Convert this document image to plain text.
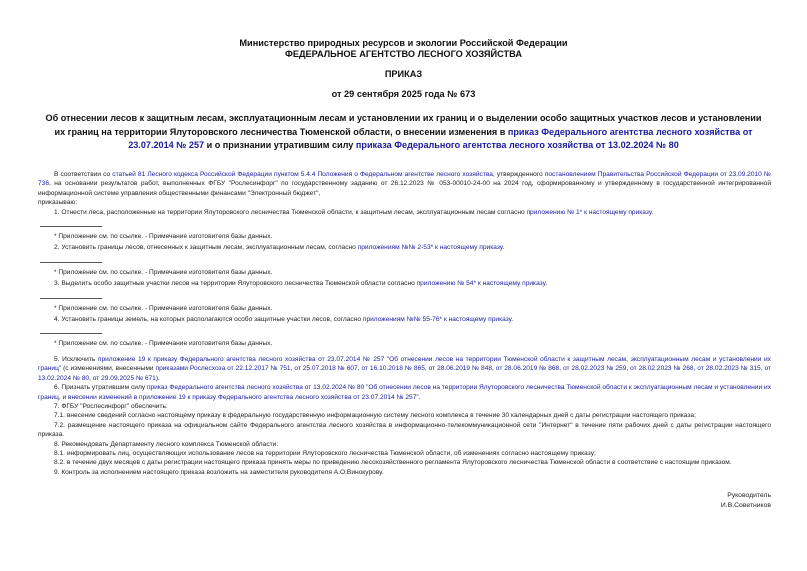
Министерство природных ресурсов и экологии Российской Федерации
ФЕДЕРАЛЬНОЕ АГЕНТСТВО ЛЕСНОГО ХОЗЯЙСТВА
ПРИКАЗ
от 29 сентября 2025 года № 673
Об отнесении лесов к защитным лесам, эксплуатационным лесам и установлении их границ и о выделении особо защитных участков лесов и установлении их границ на территории Ялуторовского лесничества Тюменской области, о внесении изменения в приказ Федерального агентства лесного хозяйства от 23.07.2014 № 257 и о признании утратившим силу приказа Федерального агентства лесного хозяйства от 13.02.2024 № 80

В соответствии со статьей 81 Лесного кодекса Российской Федерации пунктом 5.4.4 Положения о Федеральном агентстве лесного хозяйства, утвержденного постановлением Правительства Российской Федерации от 23.09.2010 № 736, на основании результатов работ, выполненных ФГБУ "Рослесинфорг" по государственному заданию от 26.12.2023 № 053-00010-24-00 на 2024 год, сформированному и утвержденному в государственной интегрированной информационной системе управления общественными финансами "Электронный бюджет",

приказываю:

1. Отнести леса, расположенные на территории Ялуторовского лесничества Тюменской области, к защитным лесам, эксплуатационным лесам согласно приложению № 1* к настоящему приказу.

* Приложение см. по ссылке. - Примечание изготовителя базы данных.

2. Установить границы лесов, отнесенных к защитным лесам, эксплуатационным лесам, согласно приложениям №№ 2-53* к настоящему приказу.

* Приложение см. по ссылке. - Примечание изготовителя базы данных.

3. Выделить особо защитные участки лесов на территории Ялуторовского лесничества Тюменской области согласно приложению № 54* к настоящему приказу.

* Приложение см. по ссылке. - Примечание изготовителя базы данных.

4. Установить границы земель, на которых располагаются особо защитные участки лесов, согласно приложениям №№ 55-76* к настоящему приказу.

* Приложение см. по ссылке. - Примечание изготовителя базы данных.

5. Исключить приложение 19 к приказу Федерального агентства лесного хозяйства от 23.07.2014 № 257 "Об отнесении лесов на территории Тюменской области к защитным лесам, эксплуатационным лесам и установлении их границ" (с изменениями, внесенными приказами Рослесхоза от 22.12.2017 № 751, от 25.07.2018 № 607, от 16.10.2018 № 865, от 28.06.2019 № 848, от 28.06.2019 № 868, от 28.02.2023 № 259, от 28.02.2023 № 268, от 28.02.2023 № 315, от 13.02.2024 № 80, от 29.09.2025 № 671).

6. Признать утратившим силу приказ Федерального агентства лесного хозяйства от 13.02.2024 № 80 "Об отнесении лесов на территории Ялуторовского лесничества Тюменской области к эксплуатационным лесам и установлении их границ, и внесении изменений в приложение 19 к приказу Федерального агентства лесного хозяйства от 23.07.2014 № 257".

7. ФГБУ "Рослесинфорг" обеспечить:

7.1. внесение сведений согласно настоящему приказу в федеральную государственную информационную систему лесного комплекса в течение 30 календарных дней с даты регистрации настоящего приказа;

7.2. размещение настоящего приказа на официальном сайте Федерального агентства лесного хозяйства в информационно-телекоммуникационной сети "Интернет" в течение пяти рабочих дней с даты регистрации настоящего приказа.

8. Рекомендовать Департаменту лесного комплекса Тюменской области:

8.1. информировать лиц, осуществляющих использование лесов на территории Ялуторовского лесничества Тюменской области, об изменениях согласно настоящему приказу;

8.2. в течение двух месяцев с даты регистрации настоящего приказа принять меры по приведению лесохозяйственного регламента Ялуторовского лесничества Тюменской области в соответствие с настоящим приказом.

9. Контроль за исполнением настоящего приказа возложить на заместителя руководителя А.О.Винокурову.

Руководитель
И.В.Советников
